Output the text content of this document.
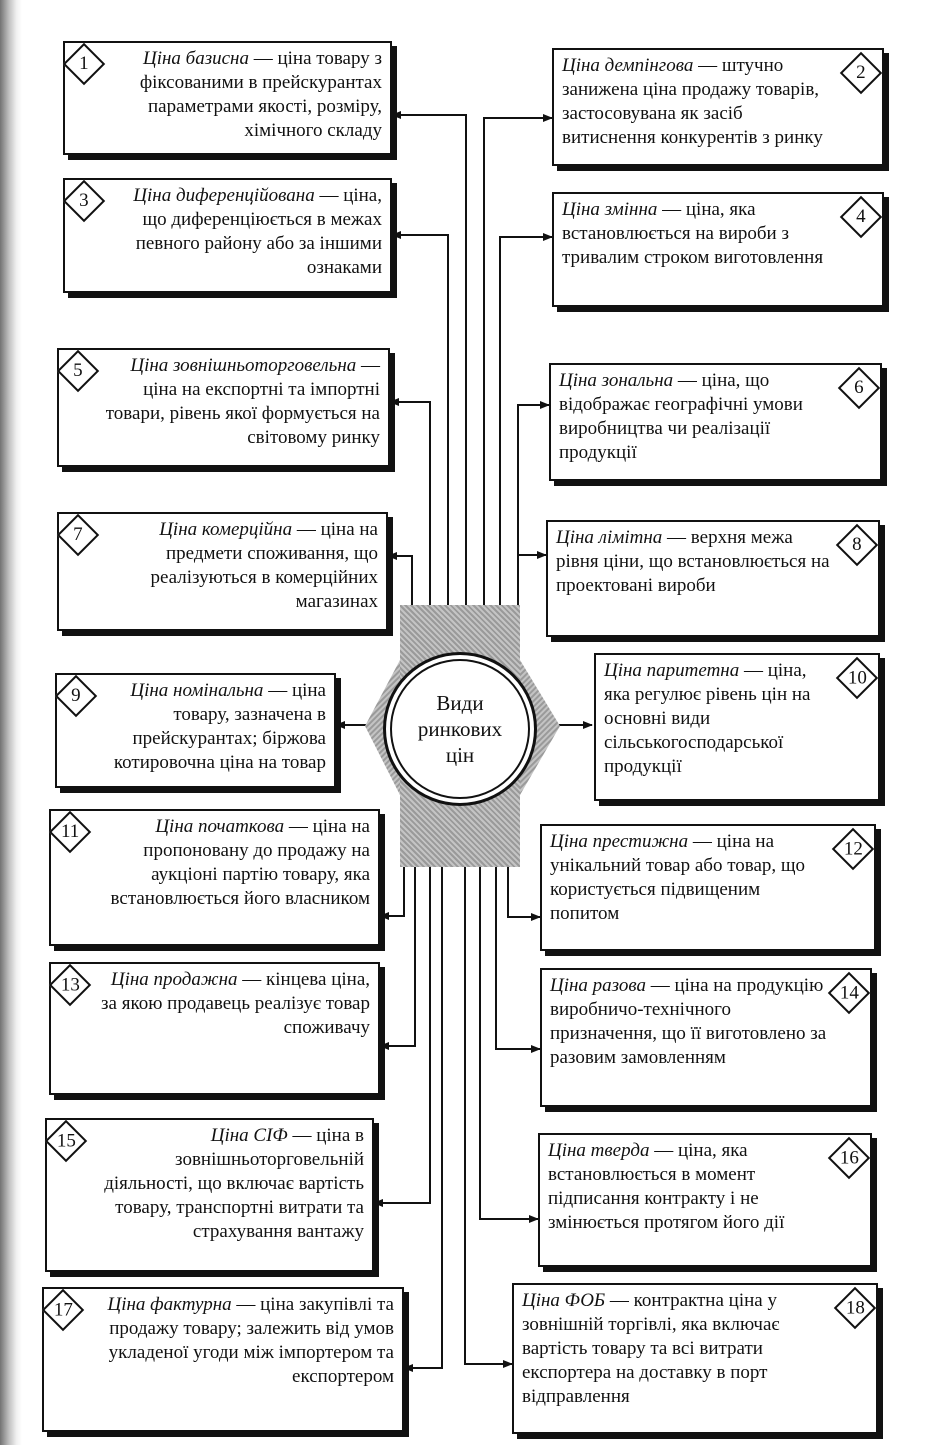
Види ринкових цін
1	Ціна базисна — ціна товару з фіксованими в прейскурантах параметрами якості, розміру, хімічного складу
3 Ціна диференційована — ціна, що диференціюється в межах певного району або за іншими ознаками
5	Ціна зовнішньоторговельна —ціна на експортні та імпортні товари, рівень якої формується на світовому ринку
7	Ціна комерційна — ціна на предмети споживання, що реалізуються в комерційних магазинах
9	Ціна номінальна — ціна товару, зазначена в прейскурантах; біржова котировочна ціна на товар
11	Ціна початкова — ціна на пропоновану до продажу на аукціоні партію товару, яка встановлюється його власником
13 Ціна продажна — кінцева ціна, за якою продавець реалізує товар споживачу
15	Ціна СІФ — ціна в зовнішньоторговельній діяльності, що включає вартість товару, транспортні витрати та страхування вантажу
17 Ціна фактурна — ціна закупівлі та продажу товару; залежить від умов укладеної угоди між імпортером та експортером
2
Ціна демпінгова — штучно занижена ціна продажу товарів, застосовувана як засіб витиснення конкурентів з ринку
4
Ціна змінна — ціна, яка встановлюється на вироби з тривалим строком виготовлення
6
Ціна зональна — ціна, що відображає географічні умови виробництва чи реалізації продукції
8
Ціна лімітна — верхня межа рівня ціни, що встановлюється на проектовані вироби
10
Ціна паритетна — ціна, яка регулює рівень цін на основні види сільськогосподарської продукції
12
Ціна престижна — ціна на унікальний товар або товар, що користується підвищеним попитом
14
Ціна разова — ціна на продукцію виробничо-технічного призначення, що її виготовлено за разовим замовленням
16
Ціна тверда — ціна, яка встановлюється в момент підписання контракту і не змінюється протягом його дії
18
Ціна ФОБ — контрактна ціна у зовнішній торгівлі, яка включає вартість товару та всі витрати експортера на доставку в порт відправлення
